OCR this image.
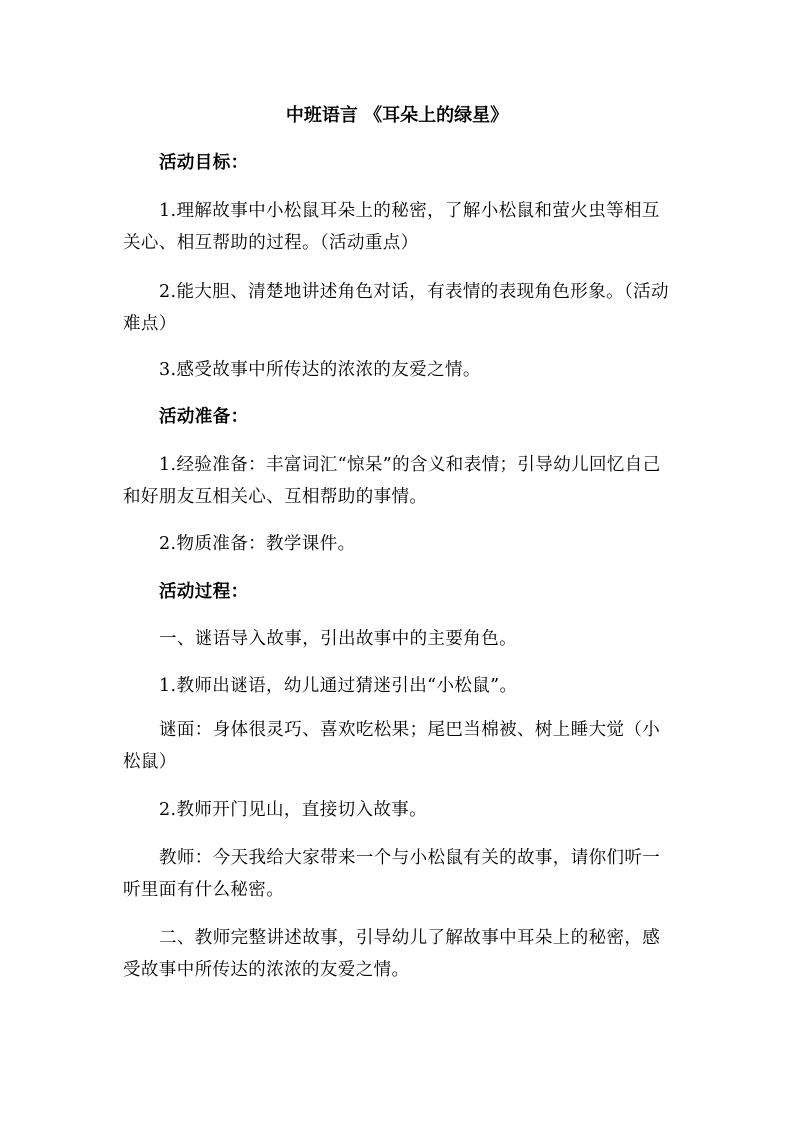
中班语言 《耳朵上的绿星》

活动目标：

1.理解故事中小松鼠耳朵上的秘密，了解小松鼠和萤火虫等相互关心、相互帮助的过程。（活动重点）

2.能大胆、清楚地讲述角色对话，有表情的表现角色形象。（活动难点）

3.感受故事中所传达的浓浓的友爱之情。

活动准备：

1.经验准备：丰富词汇“惊呆”的含义和表情；引导幼儿回忆自己和好朋友互相关心、互相帮助的事情。

2.物质准备：教学课件。

活动过程：

一、谜语导入故事，引出故事中的主要角色。

1.教师出谜语，幼儿通过猜迷引出“小松鼠”。

谜面：身体很灵巧、喜欢吃松果；尾巴当棉被、树上睡大觉（小松鼠）

2.教师开门见山，直接切入故事。

教师：今天我给大家带来一个与小松鼠有关的故事，请你们听一听里面有什么秘密。

二、教师完整讲述故事，引导幼儿了解故事中耳朵上的秘密，感受故事中所传达的浓浓的友爱之情。
